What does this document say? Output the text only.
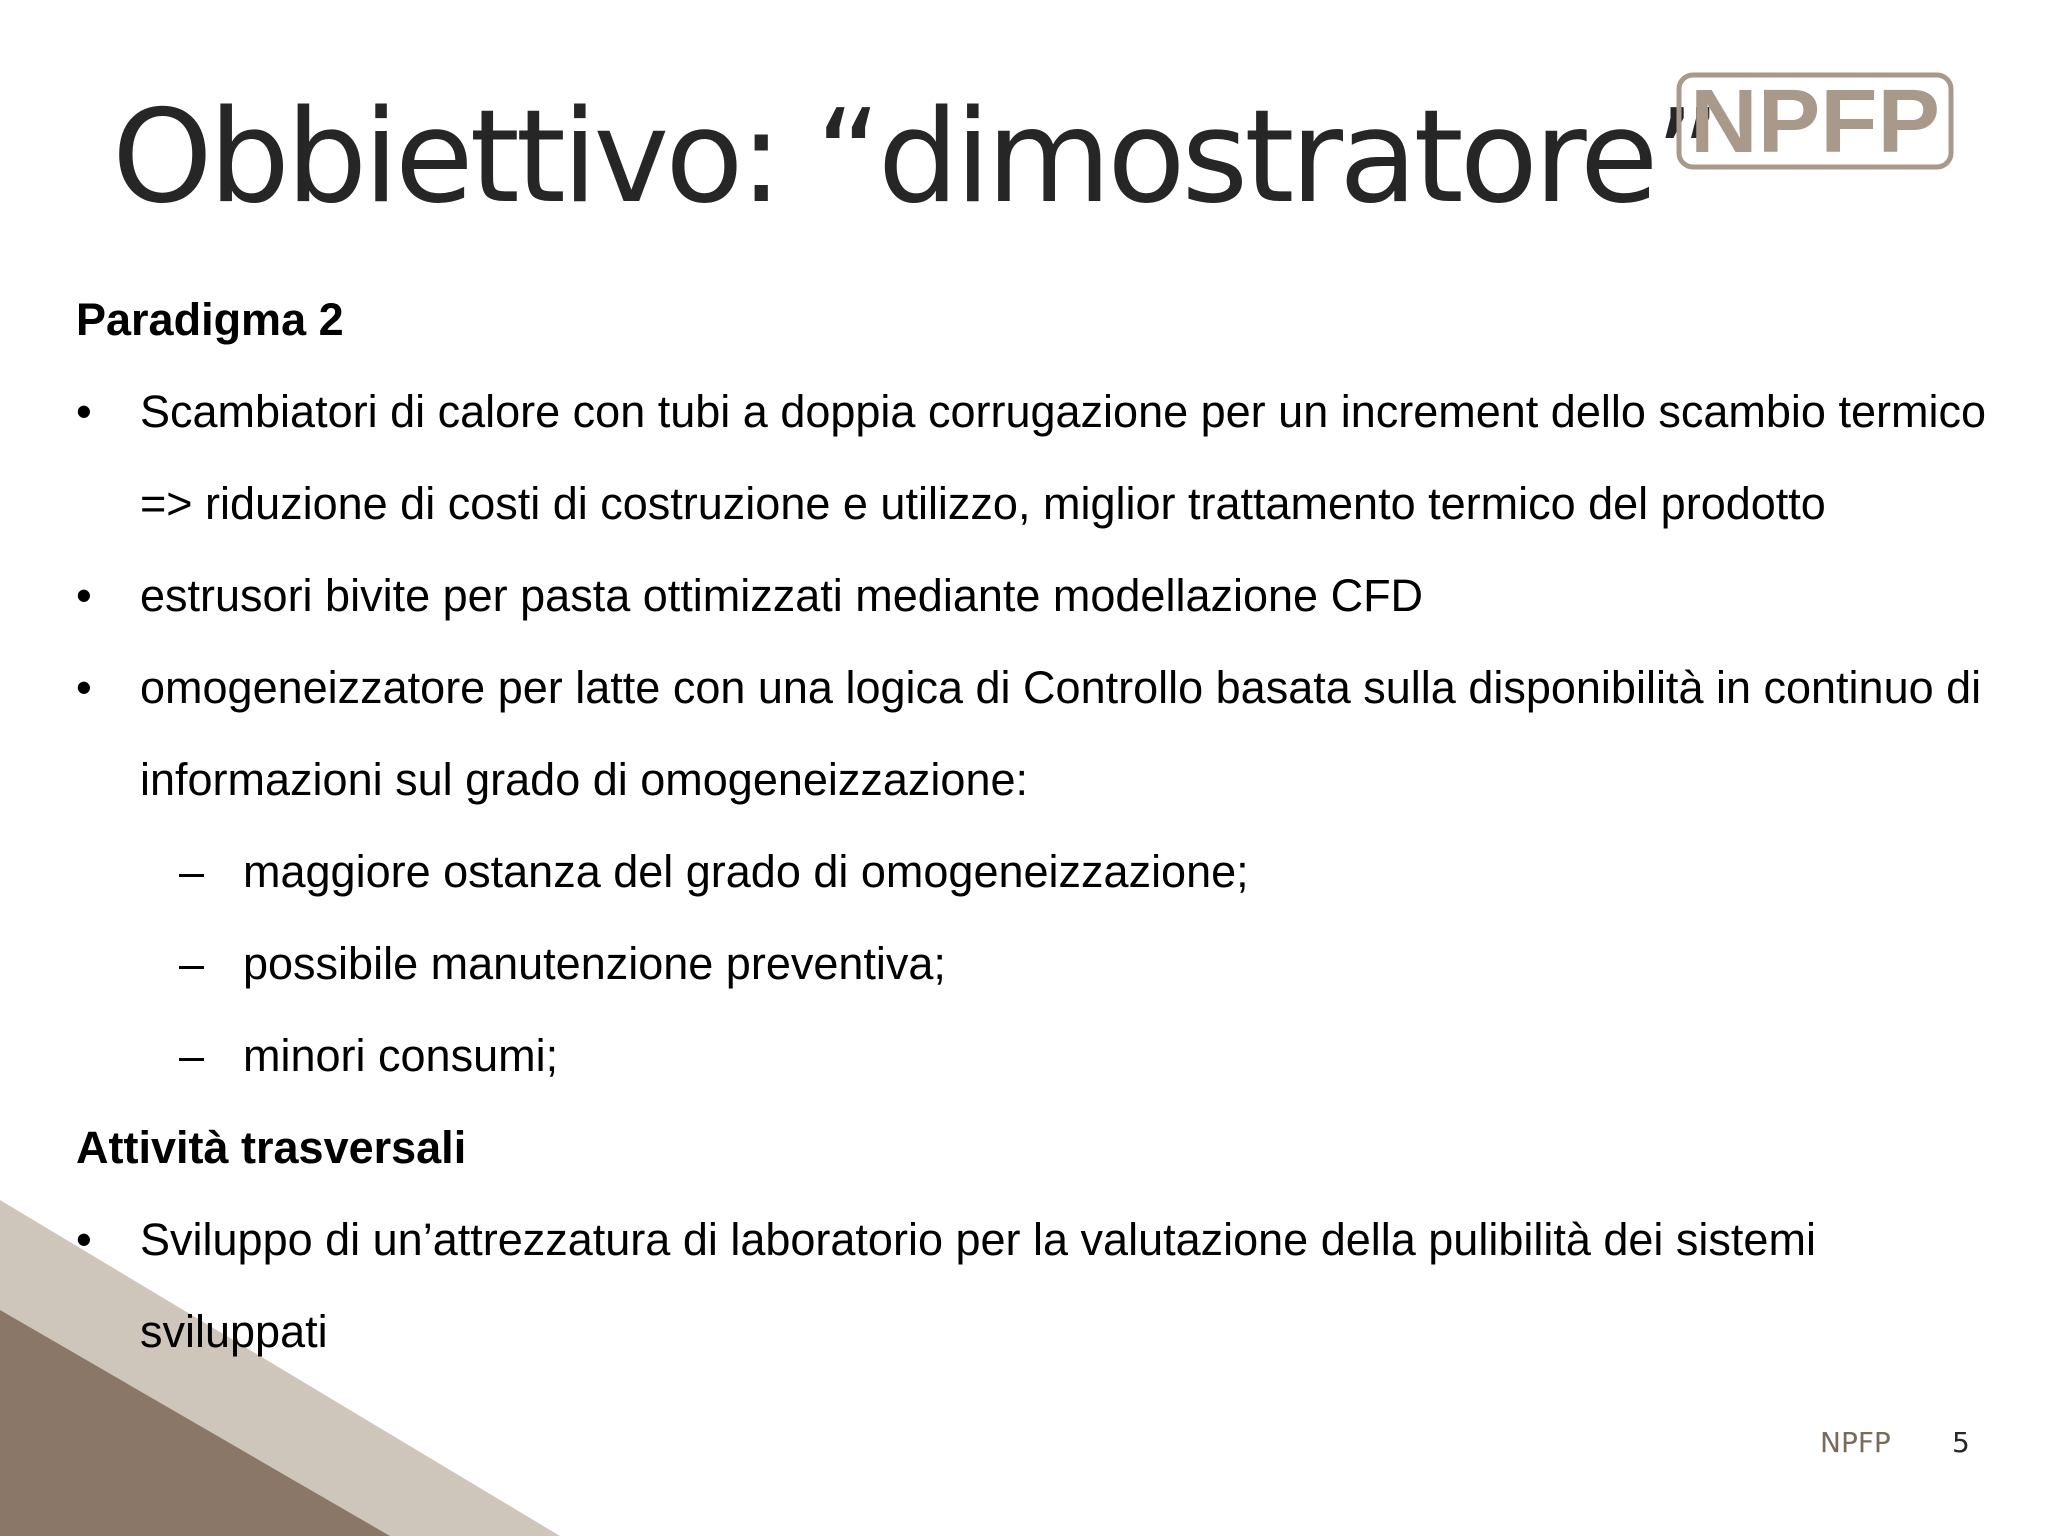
Obbiettivo: “dimostratore”
NPFP
Paradigma 2
•	Scambiatori di calore con tubi a doppia corrugazione per un increment dello scambio termico => riduzione di costi di costruzione e utilizzo, miglior trattamento termico del prodotto
•	estrusori bivite per pasta ottimizzati mediante modellazione CFD
•	omogeneizzatore per latte con una logica di Controllo basata sulla disponibilità in continuo di informazioni sul grado di omogeneizzazione:
– maggiore ostanza del grado di omogeneizzazione;
– possibile manutenzione preventiva;
– minori consumi;
Attività trasversali
•	Sviluppo di un’attrezzatura di laboratorio per la valutazione della pulibilità dei sistemi sviluppati
NPFP 5
